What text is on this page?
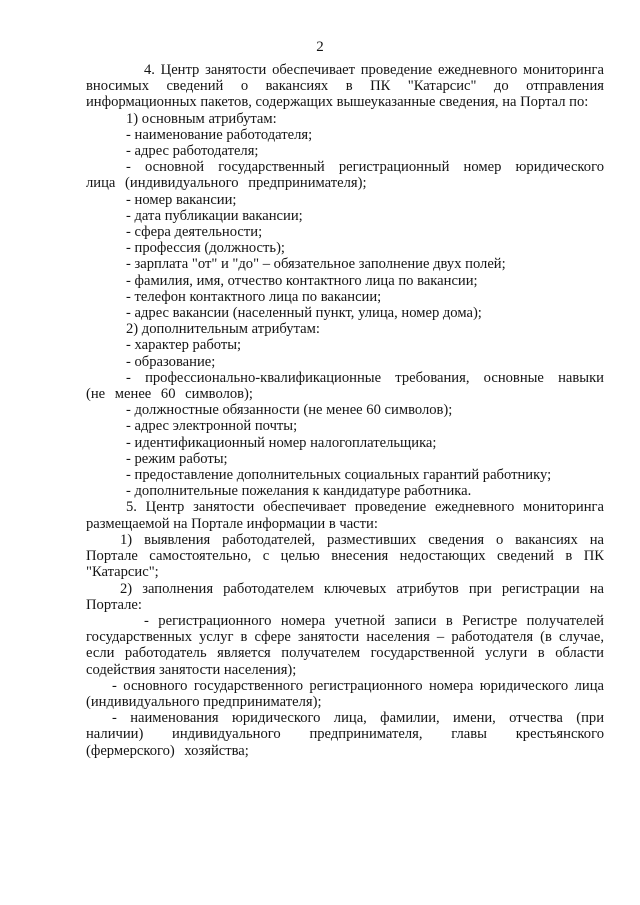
2

4. Центр занятости обеспечивает проведение ежедневного мониторинга вносимых сведений о вакансиях в ПК "Катарсис" до отправления информационных пакетов, содержащих вышеуказанные сведения, на Портал по:

1) основным атрибутам:

- наименование работодателя;

- адрес работодателя;

- основной государственный регистрационный номер юридического лица (индивидуального предпринимателя);

- номер вакансии;

- дата публикации вакансии;

- сфера деятельности;

- профессия (должность);

- зарплата "от" и "до" – обязательное заполнение двух полей;

- фамилия, имя, отчество контактного лица по вакансии;

- телефон контактного лица по вакансии;

- адрес вакансии (населенный пункт, улица, номер дома);

2) дополнительным атрибутам:

- характер работы;

- образование;

- профессионально-квалификационные требования, основные навыки (не менее 60 символов);

- должностные обязанности (не менее 60 символов);

- адрес электронной почты;

- идентификационный номер налогоплательщика;

- режим работы;

- предоставление дополнительных социальных гарантий работнику;

- дополнительные пожелания к кандидатуре работника.

5. Центр занятости обеспечивает проведение ежедневного мониторинга размещаемой на Портале информации в части:

1) выявления работодателей, разместивших сведения о вакансиях на Портале самостоятельно, с целью внесения недостающих сведений в ПК "Катарсис";

2) заполнения работодателем ключевых атрибутов при регистрации на Портале:

- регистрационного номера учетной записи в Регистре получателей государственных услуг в сфере занятости населения – работодателя (в случае, если работодатель является получателем государственной услуги в области содействия занятости населения);

- основного государственного регистрационного номера юридического лица (индивидуального предпринимателя);

- наименования юридического лица, фамилии, имени, отчества (при наличии) индивидуального предпринимателя, главы крестьянского (фермерского) хозяйства;
